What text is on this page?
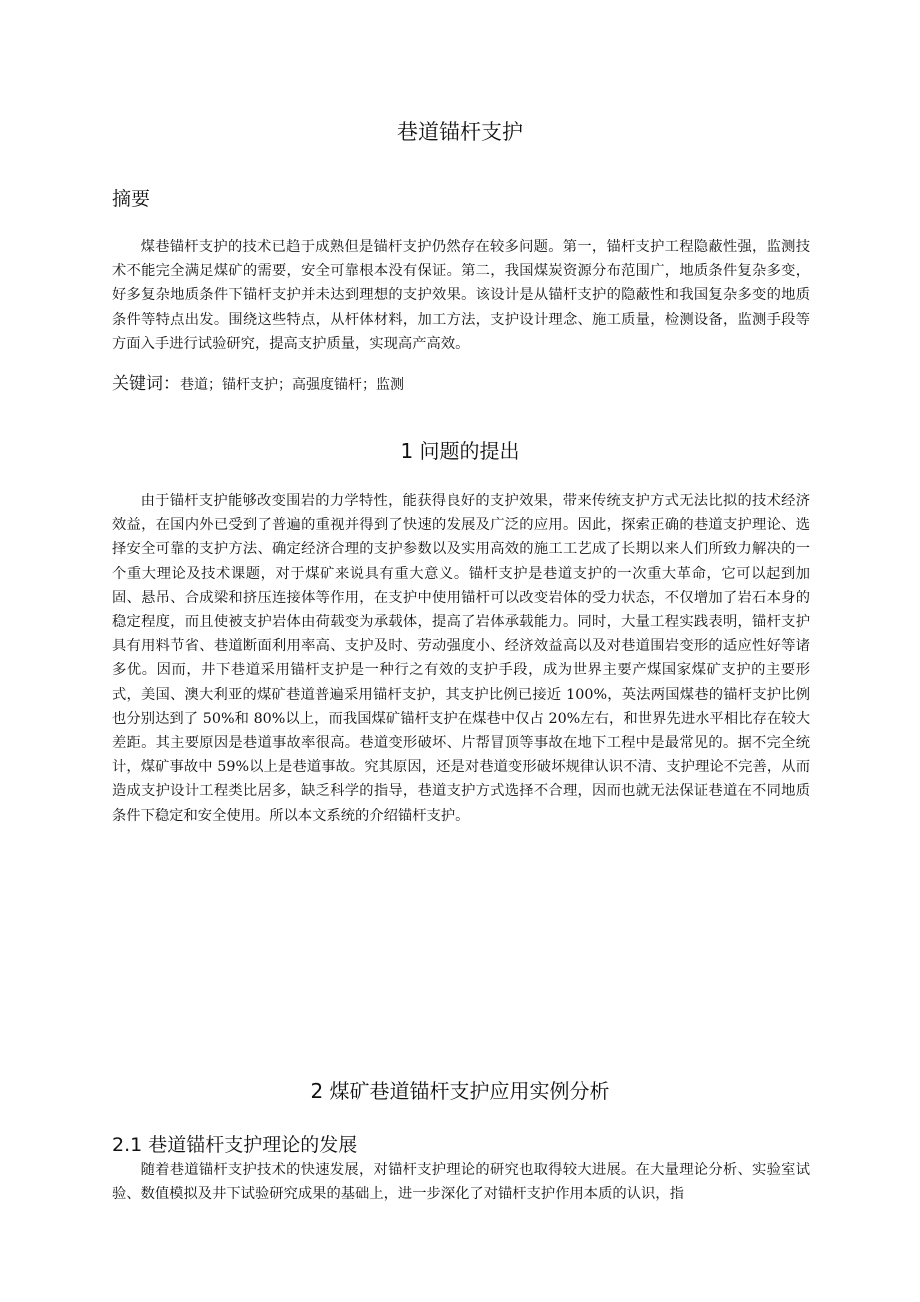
巷道锚杆支护
摘要

煤巷锚杆支护的技术已趋于成熟但是锚杆支护仍然存在较多问题。第一，锚杆支护工程隐蔽性强，监测技术不能完全满足煤矿的需要，安全可靠根本没有保证。第二，我国煤炭资源分布范围广，地质条件复杂多变，好多复杂地质条件下锚杆支护并未达到理想的支护效果。该设计是从锚杆支护的隐蔽性和我国复杂多变的地质条件等特点出发。围绕这些特点，从杆体材料，加工方法，支护设计理念、施工质量，检测设备，监测手段等方面入手进行试验研究，提高支护质量，实现高产高效。

关键词：巷道；锚杆支护；高强度锚杆；监测
1 问题的提出

由于锚杆支护能够改变围岩的力学特性，能获得良好的支护效果，带来传统支护方式无法比拟的技术经济效益，在国内外已受到了普遍的重视并得到了快速的发展及广泛的应用。因此，探索正确的巷道支护理论、选择安全可靠的支护方法、确定经济合理的支护参数以及实用高效的施工工艺成了长期以来人们所致力解决的一个重大理论及技术课题，对于煤矿来说具有重大意义。锚杆支护是巷道支护的一次重大革命，它可以起到加固、悬吊、合成梁和挤压连接体等作用，在支护中使用锚杆可以改变岩体的受力状态，不仅增加了岩石本身的稳定程度，而且使被支护岩体由荷载变为承载体，提高了岩体承载能力。同时，大量工程实践表明，锚杆支护具有用料节省、巷道断面利用率高、支护及时、劳动强度小、经济效益高以及对巷道围岩变形的适应性好等诸多优。因而，井下巷道采用锚杆支护是一种行之有效的支护手段，成为世界主要产煤国家煤矿支护的主要形式，美国、澳大利亚的煤矿巷道普遍采用锚杆支护，其支护比例已接近 100%，英法两国煤巷的锚杆支护比例也分别达到了 50%和 80%以上，而我国煤矿锚杆支护在煤巷中仅占 20%左右，和世界先进水平相比存在较大差距。其主要原因是巷道事故率很高。巷道变形破坏、片帮冒顶等事故在地下工程中是最常见的。据不完全统计，煤矿事故中 59%以上是巷道事故。究其原因，还是对巷道变形破坏规律认识不清、支护理论不完善，从而造成支护设计工程类比居多，缺乏科学的指导，巷道支护方式选择不合理，因而也就无法保证巷道在不同地质条件下稳定和安全使用。所以本文系统的介绍锚杆支护。

2 煤矿巷道锚杆支护应用实例分析
2.1 巷道锚杆支护理论的发展

随着巷道锚杆支护技术的快速发展，对锚杆支护理论的研究也取得较大进展。在大量理论分析、实验室试验、数值模拟及井下试验研究成果的基础上，进一步深化了对锚杆支护作用本质的认识，指
